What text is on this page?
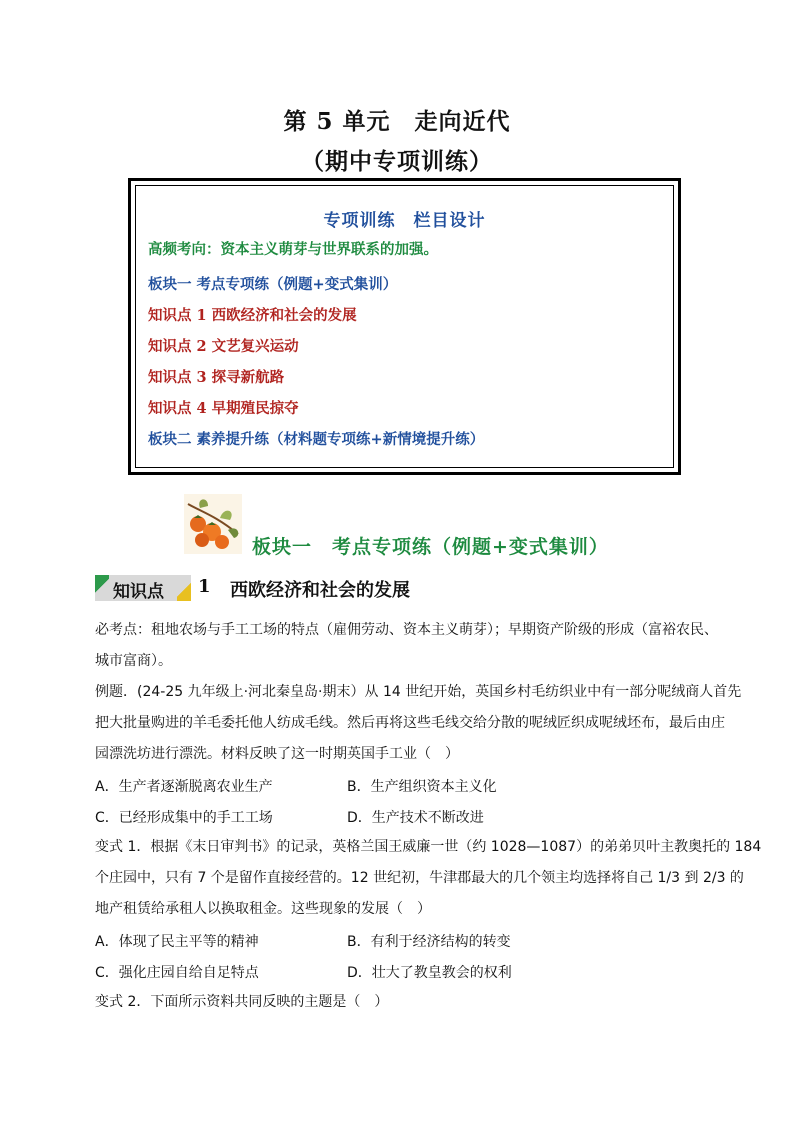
第 5 单元　走向近代
（期中专项训练）
专项训练　栏目设计
高频考向：资本主义萌芽与世界联系的加强。
板块一 考点专项练（例题+变式集训）
知识点 1 西欧经济和社会的发展
知识点 2 文艺复兴运动
知识点 3 探寻新航路
知识点 4 早期殖民掠夺
板块二 素养提升练（材料题专项练+新情境提升练）
板块一　考点专项练（例题+变式集训）
知识点 1 西欧经济和社会的发展
必考点：租地农场与手工工场的特点（雇佣劳动、资本主义萌芽）；早期资产阶级的形成（富裕农民、
城市富商）。
例题．(24-25 九年级上·河北秦皇岛·期末）从 14 世纪开始，英国乡村毛纺织业中有一部分呢绒商人首先
把大批量购进的羊毛委托他人纺成毛线。然后再将这些毛线交给分散的呢绒匠织成呢绒坯布，最后由庄
园漂洗坊进行漂洗。材料反映了这一时期英国手工业（　）
A．生产者逐渐脱离农业生产	B．生产组织资本主义化
C．已经形成集中的手工工场	D．生产技术不断改进
变式 1．根据《末日审判书》的记录，英格兰国王威廉一世（约 1028—1087）的弟弟贝叶主教奥托的 184
个庄园中，只有 7 个是留作直接经营的。12 世纪初，牛津郡最大的几个领主均选择将自己 1/3 到 2/3 的
地产租赁给承租人以换取租金。这些现象的发展（　）
A．体现了民主平等的精神	B．有利于经济结构的转变
C．强化庄园自给自足特点	D．壮大了教皇教会的权利
变式 2．下面所示资料共同反映的主题是（　）
